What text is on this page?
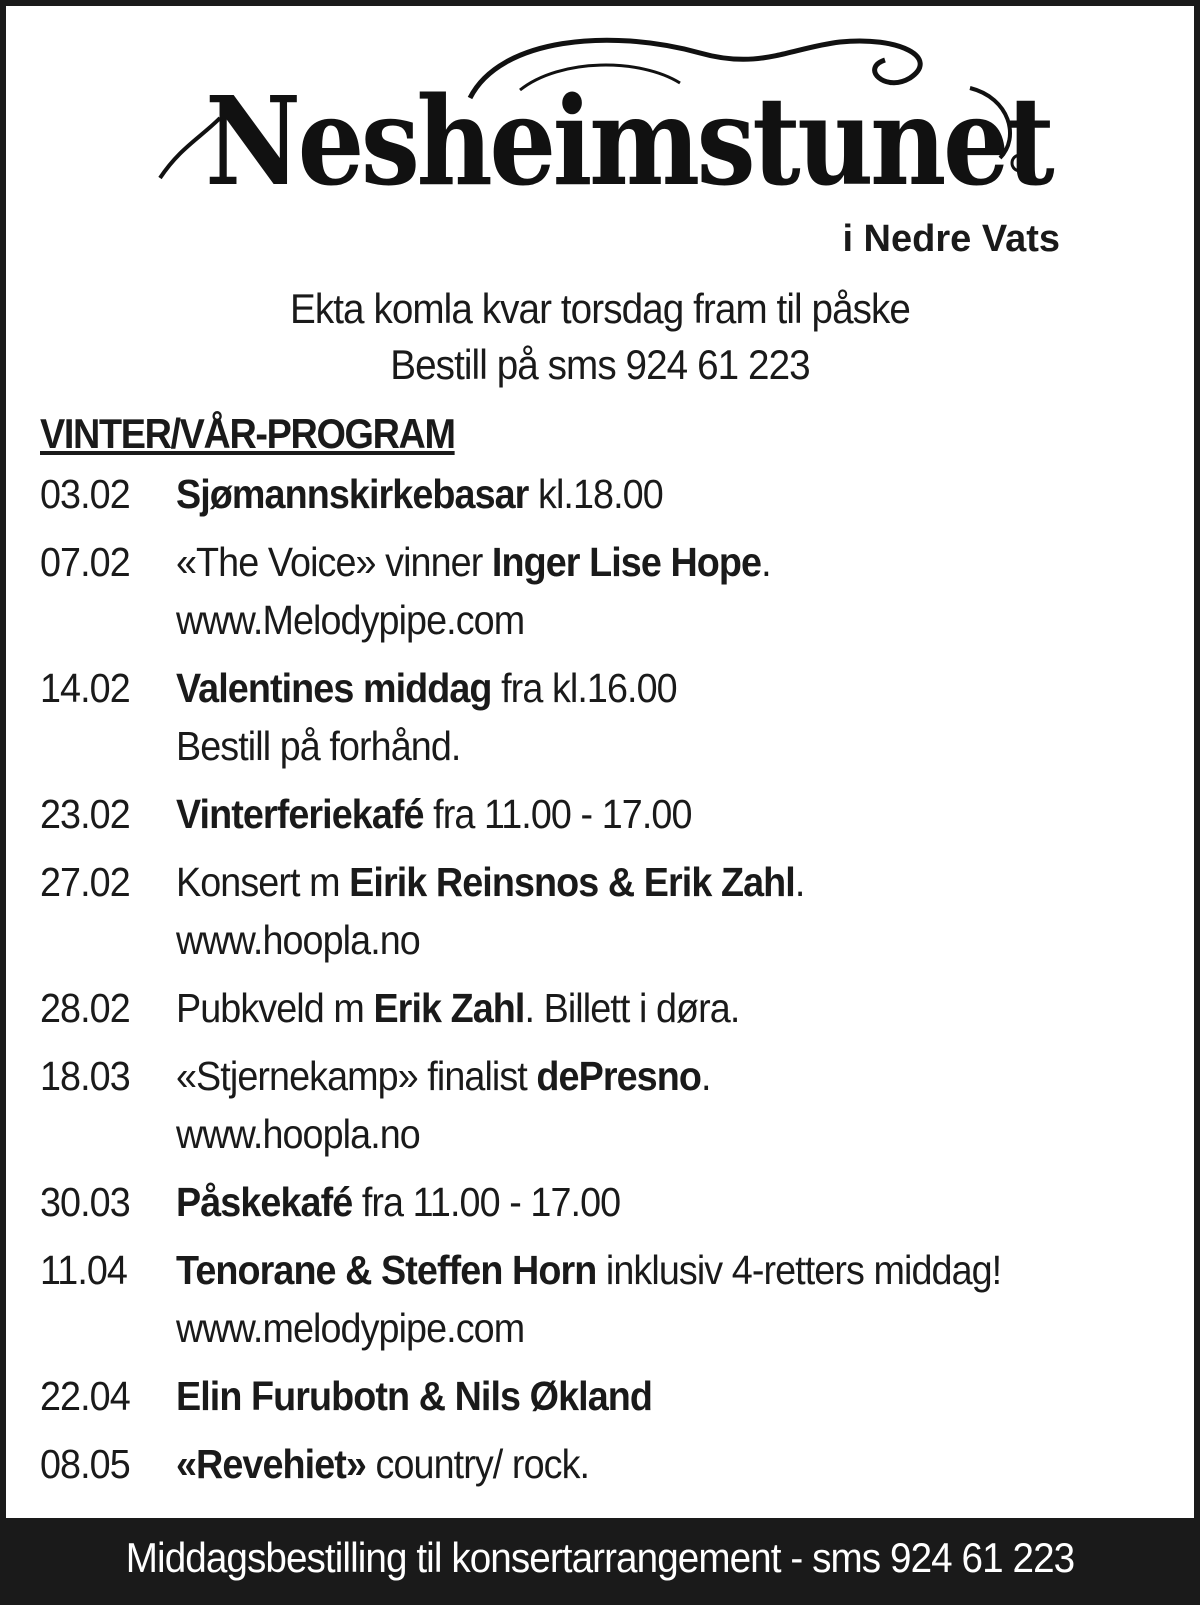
Nesheimstunet
i Nedre Vats
Ekta komla kvar torsdag fram til påske
Bestill på sms 924 61 223
VINTER/VÅR-PROGRAM
03.02	Sjømannskirkebasar kl.18.00
07.02	«The Voice» vinner Inger Lise Hope.
www.Melodypipe.com
14.02	Valentines middag fra kl.16.00
Bestill på forhånd.
23.02	Vinterferiekafé fra 11.00 - 17.00
27.02	Konsert m Eirik Reinsnos & Erik Zahl.
www.hoopla.no
28.02	Pubkveld m Erik Zahl. Billett i døra.
18.03	«Stjernekamp» finalist dePresno.
www.hoopla.no
30.03	Påskekafé fra 11.00 - 17.00
11.04	Tenorane & Steffen Horn inklusiv 4-retters middag!
www.melodypipe.com
22.04	Elin Furubotn & Nils Økland
08.05	«Revehiet» country/ rock.
Middagsbestilling til konsertarrangement - sms 924 61 223
